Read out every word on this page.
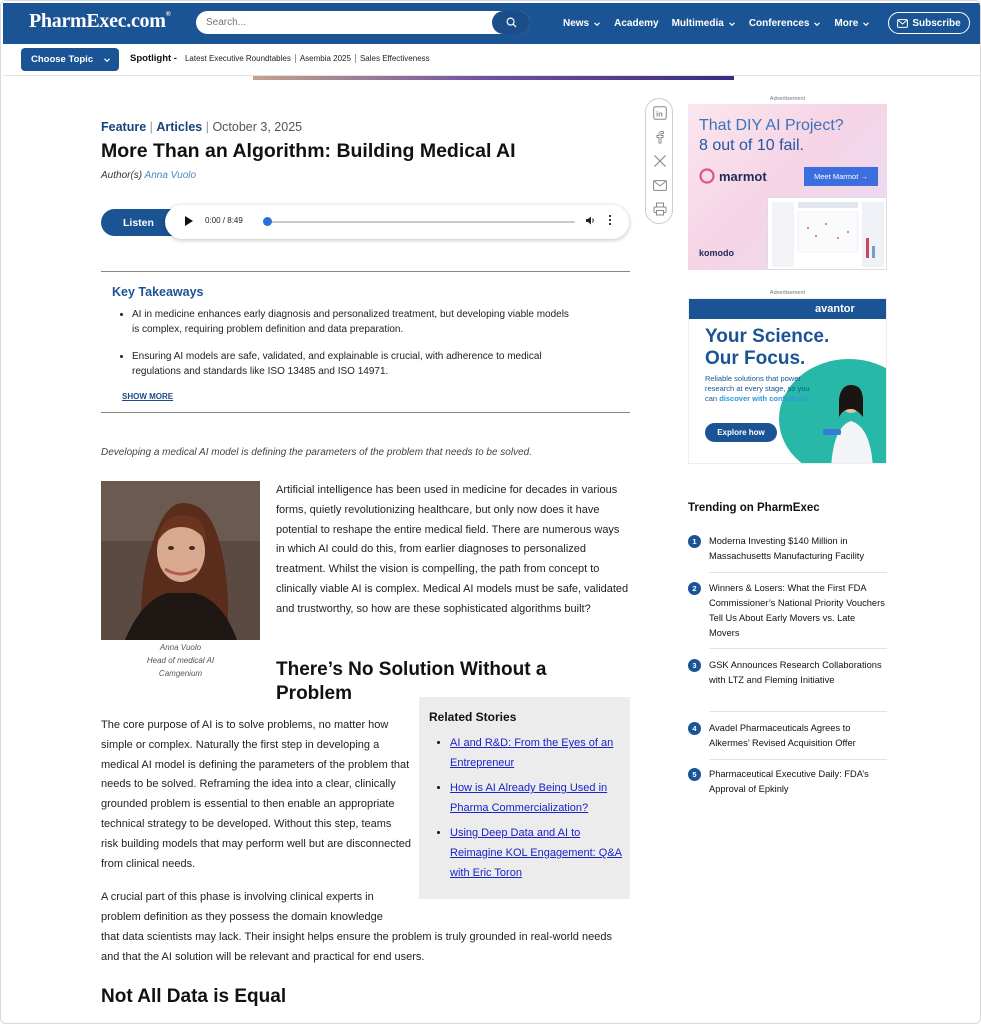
PharmExec.com®
Search...
News	Academy Multimedia	Conferences	More	Subscribe
Choose Topic	Spotlight -	Latest Executive Roundtables	Asembia 2025	Sales Effectiveness
Feature | Articles | October 3, 2025
More Than an Algorithm: Building Medical AI
Author(s) Anna Vuolo
Listen	0:00 / 8:49
Key Takeaways
• AI in medicine enhances early diagnosis and personalized treatment, but developing viable models is complex, requiring problem definition and data preparation.
• Ensuring AI models are safe, validated, and explainable is crucial, with adherence to medical regulations and standards like ISO 13485 and ISO 14971.
SHOW MORE

Developing a medical AI model is defining the parameters of the problem that needs to be solved.

Anna Vuolo
Head of medical AI
Camgenium

Artificial intelligence has been used in medicine for decades in various forms, quietly revolutionizing healthcare, but only now does it have potential to reshape the entire medical field. There are numerous ways in which AI could do this, from earlier diagnoses to personalized treatment. Whilst the vision is compelling, the path from concept to clinically viable AI is complex. Medical AI models must be safe, validated and trustworthy, so how are these sophisticated algorithms built?

There’s No Solution Without a Problem

The core purpose of AI is to solve problems, no matter how simple or complex. Naturally the first step in developing a medical AI model is defining the parameters of the problem that needs to be solved. Reframing the idea into a clear, clinically grounded problem is essential to then enable an appropriate technical strategy to be developed. Without this step, teams risk building models that may perform well but are disconnected from clinical needs.

A crucial part of this phase is involving clinical experts in problem definition as they possess the domain knowledge

that data scientists may lack. Their insight helps ensure the problem is truly grounded in real-world needs and that the AI solution will be relevant and practical for end users.

Not All Data is Equal
Related Stories
• AI and R&D: From the Eyes of an Entrepreneur
• How is AI Already Being Used in Pharma Commercialization?
• Using Deep Data and AI to Reimagine KOL Engagement: Q&A with Eric Toron
in
Advertisement
That DIY AI Project?
8 out of 10 fail.
marmot	Meet Marmot →
komodo
Advertisement
avantor
Your Science.
Our Focus.
Reliable solutions that power research at every stage, so you can discover with confidence.
Explore how
Trending on PharmExec
1	Moderna Investing $140 Million in Massachusetts Manufacturing Facility
2	Winners & Losers: What the First FDA Commissioner’s National Priority Vouchers Tell Us About Early Movers vs. Late Movers
3	GSK Announces Research Collaborations with LTZ and Fleming Initiative
4	Avadel Pharmaceuticals Agrees to Alkermes’ Revised Acquisition Offer
5	Pharmaceutical Executive Daily: FDA’s Approval of Epkinly
